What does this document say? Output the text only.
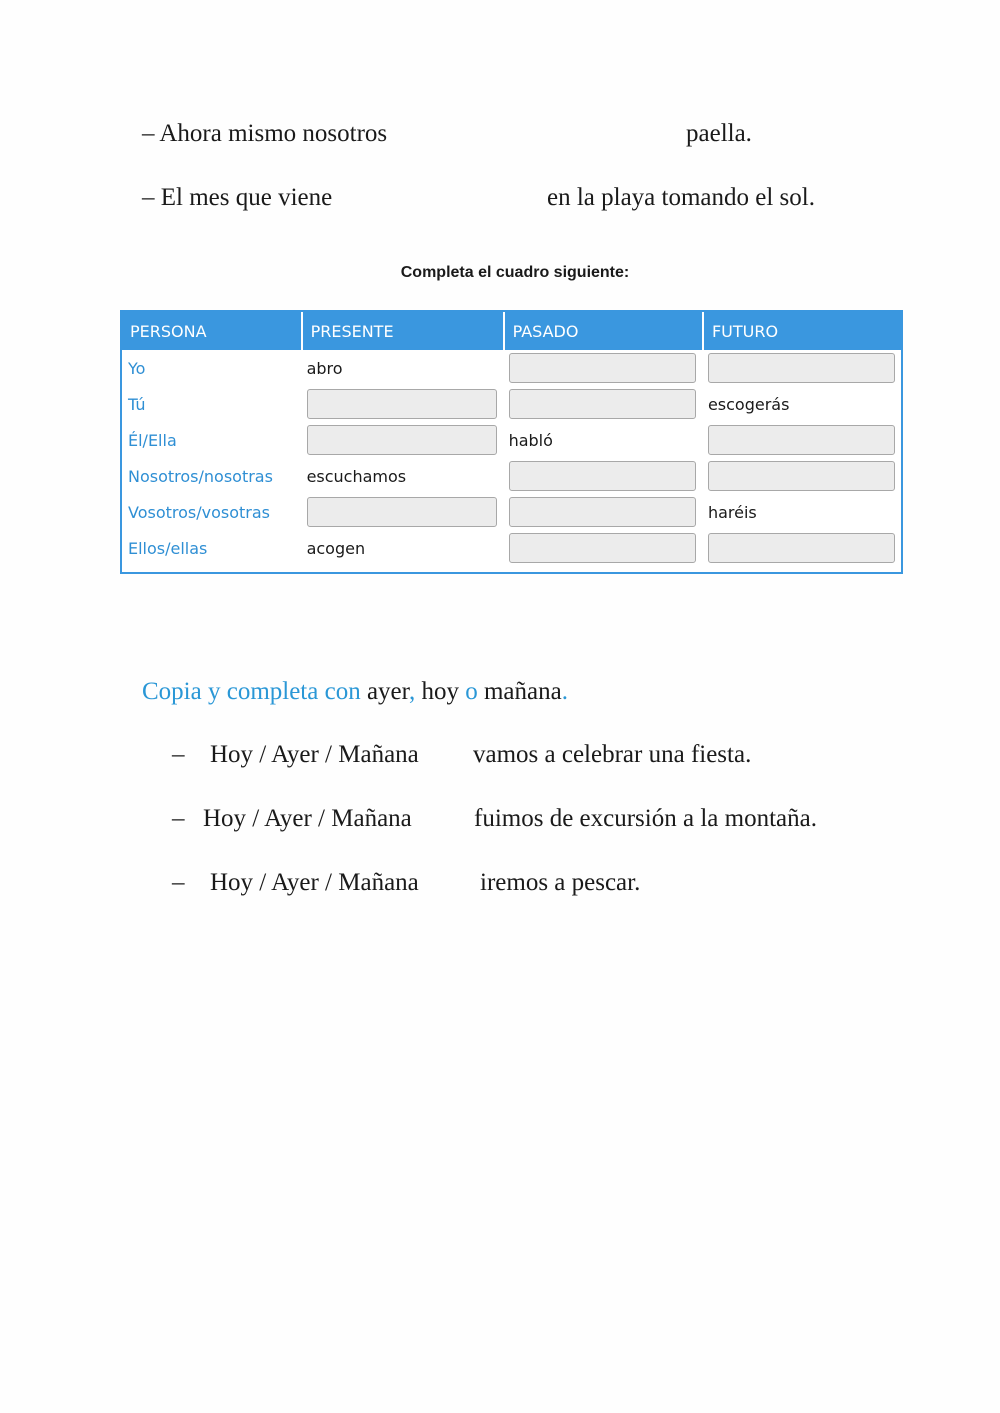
– Ahora mismo nosotros	paella.
– El mes que viene	en la playa tomando el sol.
Completa el cuadro siguiente:
PERSONA	PRESENTE	PASADO	FUTURO
Yo	abro	

Tú			escogerás
Él/Ella		habló	

Nosotros/nosotras	escuchamos	

Vosotros/vosotras			haréis
Ellos/ellas	acogen	

Copia y completa con ayer, hoy o mañana.
– Hoy / Ayer / Mañana vamos a celebrar una fiesta.
– Hoy / Ayer / Mañana fuimos de excursión a la montaña.
– Hoy / Ayer / Mañana iremos a pescar.
